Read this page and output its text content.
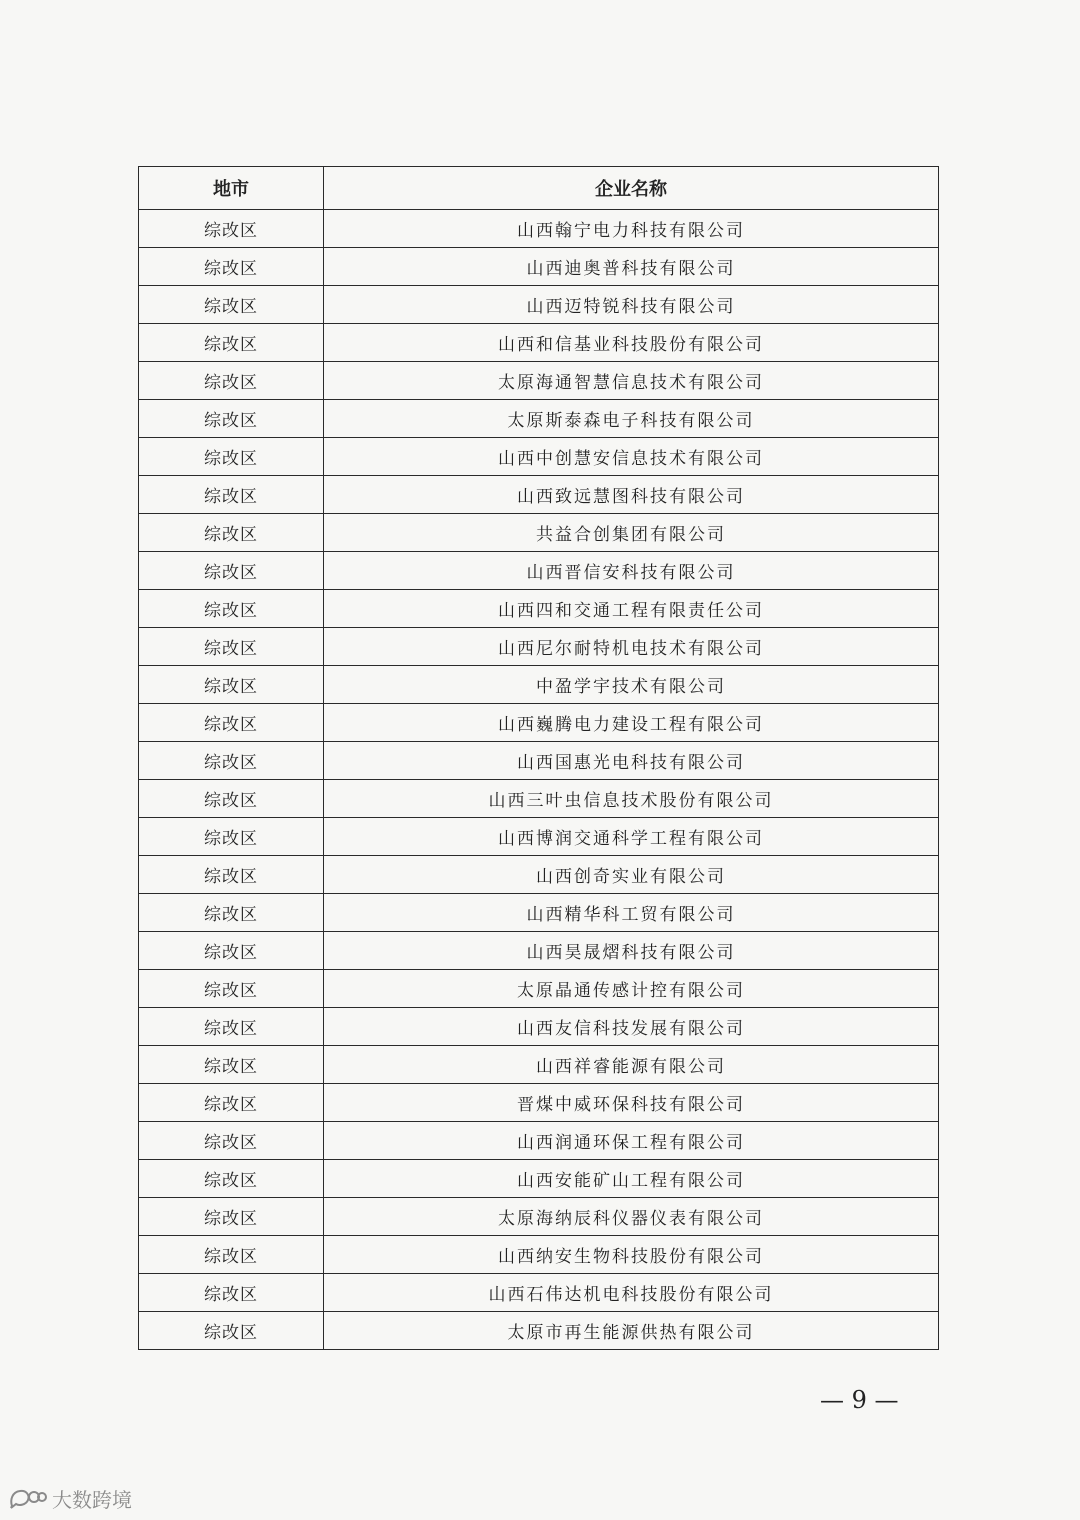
地市	企业名称
综改区	山西翰宁电力科技有限公司
综改区	山西迪奥普科技有限公司
综改区	山西迈特锐科技有限公司
综改区	山西和信基业科技股份有限公司
综改区	太原海通智慧信息技术有限公司
综改区	太原斯泰森电子科技有限公司
综改区	山西中创慧安信息技术有限公司
综改区	山西致远慧图科技有限公司
综改区	共益合创集团有限公司
综改区	山西晋信安科技有限公司
综改区	山西四和交通工程有限责任公司
综改区	山西尼尔耐特机电技术有限公司
综改区	中盈学宇技术有限公司
综改区	山西巍腾电力建设工程有限公司
综改区	山西国惠光电科技有限公司
综改区	山西三叶虫信息技术股份有限公司
综改区	山西博润交通科学工程有限公司
综改区	山西创奇实业有限公司
综改区	山西精华科工贸有限公司
综改区	山西昊晟熠科技有限公司
综改区	太原晶通传感计控有限公司
综改区	山西友信科技发展有限公司
综改区	山西祥睿能源有限公司
综改区	晋煤中威环保科技有限公司
综改区	山西润通环保工程有限公司
综改区	山西安能矿山工程有限公司
综改区	太原海纳辰科仪器仪表有限公司
综改区	山西纳安生物科技股份有限公司
综改区	山西石伟达机电科技股份有限公司
综改区	太原市再生能源供热有限公司
— 9 —
大数跨境
